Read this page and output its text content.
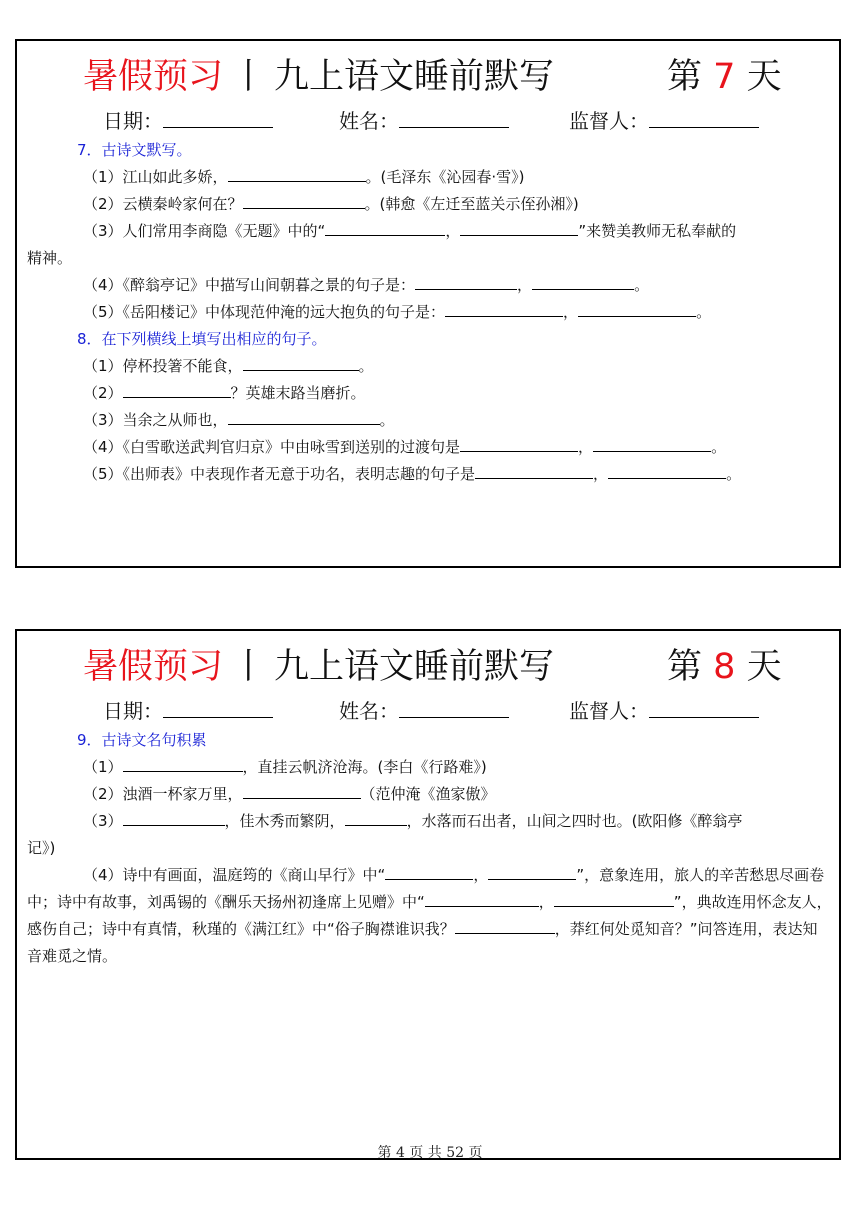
暑假预习 丨 九上语文睡前默写	第 7 天
日期：	姓名：	监督人：
7．古诗文默写。
（1）江山如此多娇，	。(毛泽东《沁园春·雪》)
（2）云横秦岭家何在？	。(韩愈《左迁至蓝关示侄孙湘》)
（3）人们常用李商隐《无题》中的“	，	”来赞美教师无私奉献的
精神。
（4）《醉翁亭记》中描写山间朝暮之景的句子是：	，	。
（5）《岳阳楼记》中体现范仲淹的远大抱负的句子是：	，	。
8．在下列横线上填写出相应的句子。
（1）停杯投箸不能食，	。
（2）	？英雄末路当磨折。
（3）当余之从师也，	。
（4）《白雪歌送武判官归京》中由咏雪到送别的过渡句是	，	。
（5）《出师表》中表现作者无意于功名，表明志趣的句子是	，	。
暑假预习 丨 九上语文睡前默写	第 8 天
日期：	姓名：	监督人：
9．古诗文名句积累
（1）	，直挂云帆济沧海。(李白《行路难》)
（2）浊酒一杯家万里，	（范仲淹《渔家傲》
（3）	，佳木秀而繁阴，	，水落而石出者，山间之四时也。(欧阳修《醉翁亭
记》)
（4）诗中有画面，温庭筠的《商山早行》中“	，	”，意象连用，旅人的辛苦愁思尽画卷中；诗中有故事，刘禹锡的《酬乐天扬州初逢席上见赠》中“	，	”，典故连用怀念友人，感伤自己；诗中有真情，秋瑾的《满江红》中“俗子胸襟谁识我？	，莽红何处觅知音？”问答连用，表达知音难觅之情。
第 4 页 共 52 页
